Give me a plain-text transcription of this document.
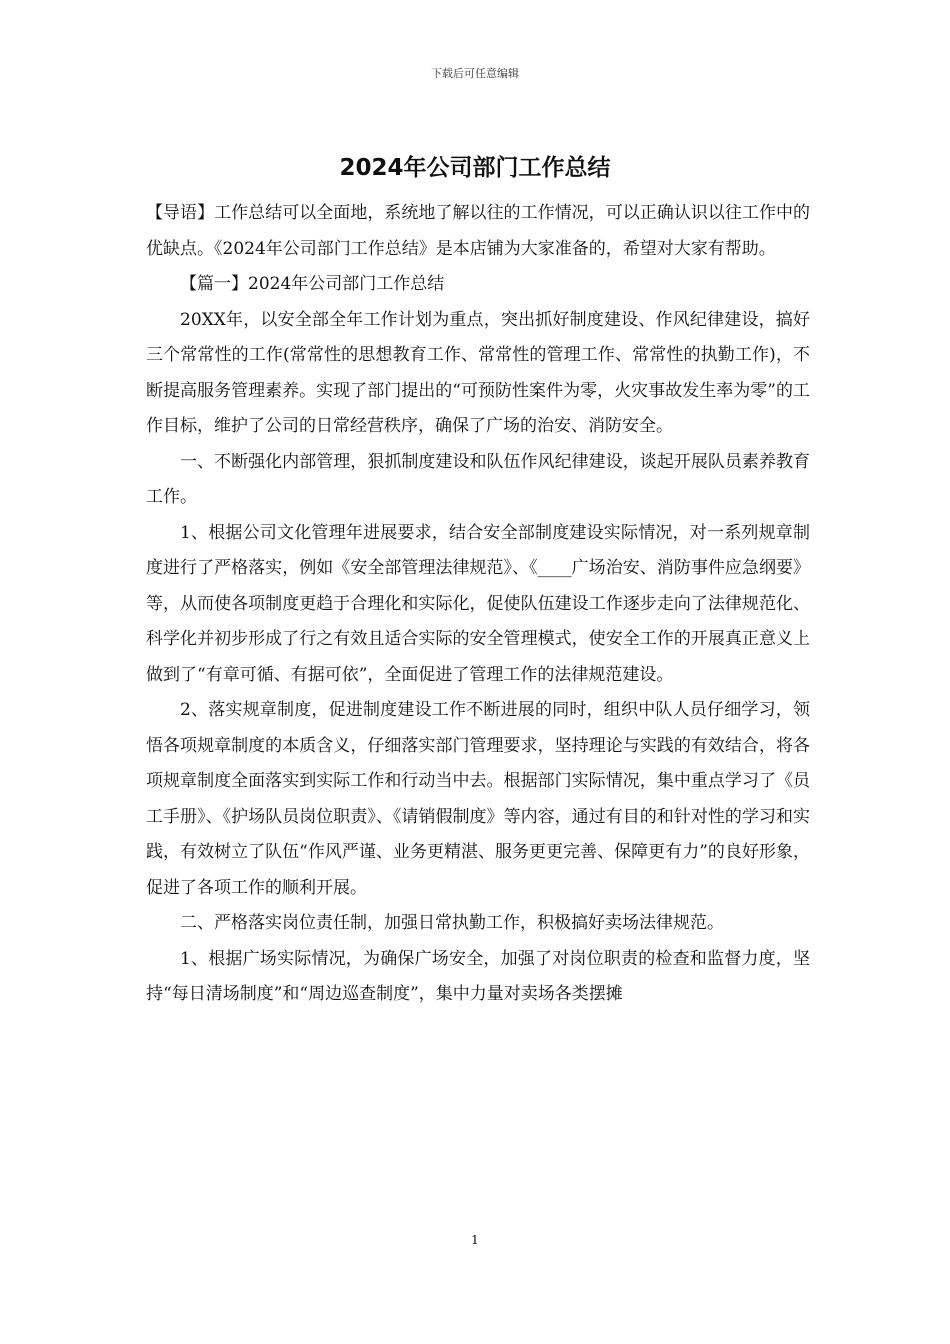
下载后可任意编辑
2024年公司部门工作总结

【导语】工作总结可以全面地，系统地了解以往的工作情况，可以正确认识以往工作中的优缺点。《2024年公司部门工作总结》是本店铺为大家准备的，希望对大家有帮助。

【篇一】2024年公司部门工作总结

20XX年，以安全部全年工作计划为重点，突出抓好制度建设、作风纪律建设，搞好三个常常性的工作(常常性的思想教育工作、常常性的管理工作、常常性的执勤工作)，不断提高服务管理素养。实现了部门提出的“可预防性案件为零，火灾事故发生率为零”的工作目标，维护了公司的日常经营秩序，确保了广场的治安、消防安全。

一、不断强化内部管理，狠抓制度建设和队伍作风纪律建设，谈起开展队员素养教育工作。

1、根据公司文化管理年进展要求，结合安全部制度建设实际情况，对一系列规章制度进行了严格落实，例如《安全部管理法律规范》、《____广场治安、消防事件应急纲要》等，从而使各项制度更趋于合理化和实际化，促使队伍建设工作逐步走向了法律规范化、科学化并初步形成了行之有效且适合实际的安全管理模式，使安全工作的开展真正意义上做到了“有章可循、有据可依”，全面促进了管理工作的法律规范建设。

2、落实规章制度，促进制度建设工作不断进展的同时，组织中队人员仔细学习，领悟各项规章制度的本质含义，仔细落实部门管理要求，坚持理论与实践的有效结合，将各项规章制度全面落实到实际工作和行动当中去。根据部门实际情况，集中重点学习了《员工手册》、《护场队员岗位职责》、《请销假制度》等内容，通过有目的和针对性的学习和实践，有效树立了队伍“作风严谨、业务更精湛、服务更更完善、保障更有力”的良好形象，促进了各项工作的顺利开展。

二、严格落实岗位责任制，加强日常执勤工作，积极搞好卖场法律规范。

1、根据广场实际情况，为确保广场安全，加强了对岗位职责的检查和监督力度，坚持“每日清场制度”和“周边巡查制度”，集中力量对卖场各类摆摊

1
